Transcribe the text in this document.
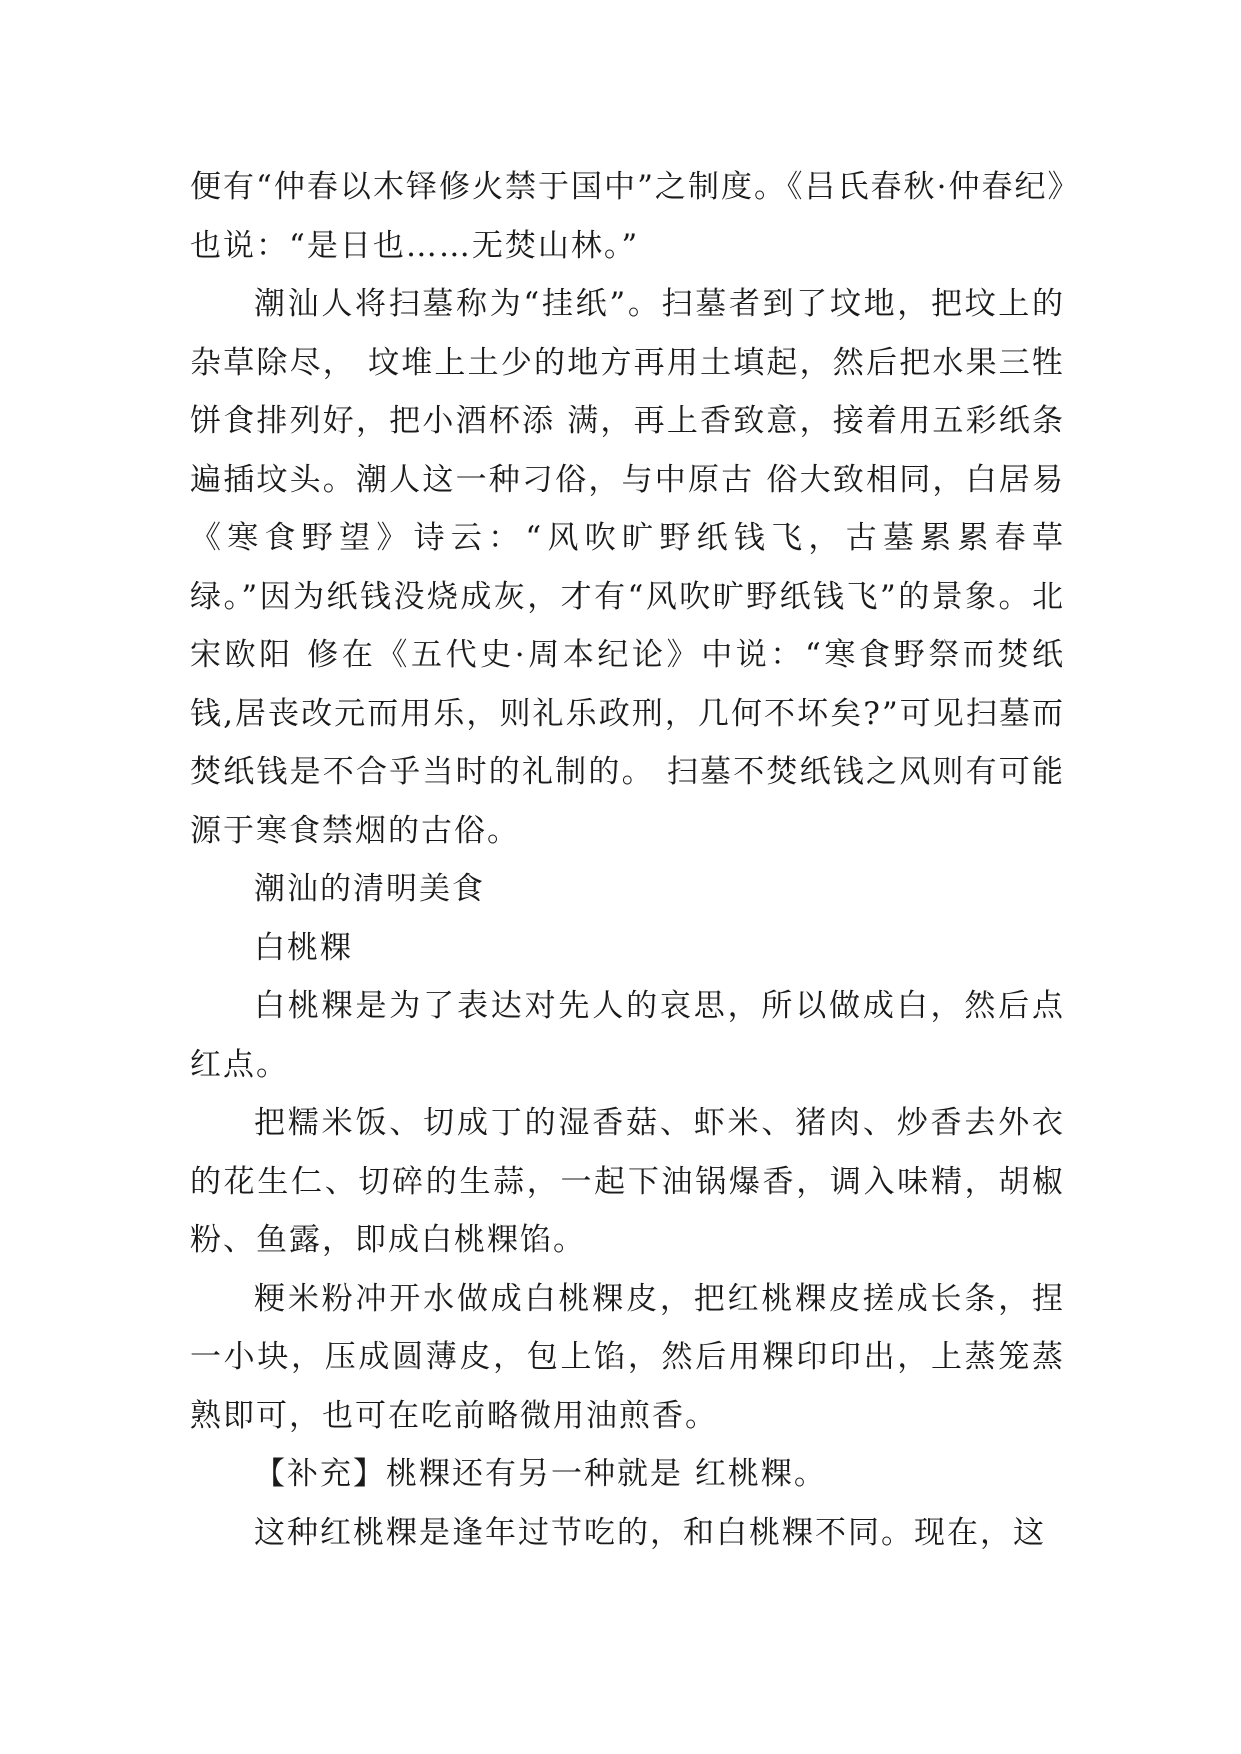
便有“仲春以木铎修火禁于国中”之制度。《吕氏春秋·仲春纪》也说：“是日也……无焚山林。”

潮汕人将扫墓称为“挂纸”。扫墓者到了坟地，把坟上的杂草除尽， 坟堆上土少的地方再用土填起，然后把水果三牲饼食排列好，把小酒杯添 满，再上香致意，接着用五彩纸条遍插坟头。潮人这一种刁俗，与中原古 俗大致相同，白居易《寒食野望》诗云：“风吹旷野纸钱飞，古墓累累春草绿。”因为纸钱没烧成灰，才有“风吹旷野纸钱飞”的景象。北宋欧阳 修在《五代史·周本纪论》中说：“寒食野祭而焚纸钱,居丧改元而用乐，则礼乐政刑，几何不坏矣?”可见扫墓而焚纸钱是不合乎当时的礼制的。 扫墓不焚纸钱之风则有可能源于寒食禁烟的古俗。

潮汕的清明美食

白桃粿

白桃粿是为了表达对先人的哀思，所以做成白，然后点红点。

把糯米饭、切成丁的湿香菇、虾米、猪肉、炒香去外衣的花生仁、切碎的生蒜，一起下油锅爆香，调入味精，胡椒粉、鱼露，即成白桃粿馅。

粳米粉冲开水做成白桃粿皮，把红桃粿皮搓成长条，捏一小块，压成圆薄皮，包上馅，然后用粿印印出，上蒸笼蒸熟即可，也可在吃前略微用油煎香。

【补充】桃粿还有另一种就是 红桃粿。

这种红桃粿是逢年过节吃的，和白桃粿不同。现在，这
